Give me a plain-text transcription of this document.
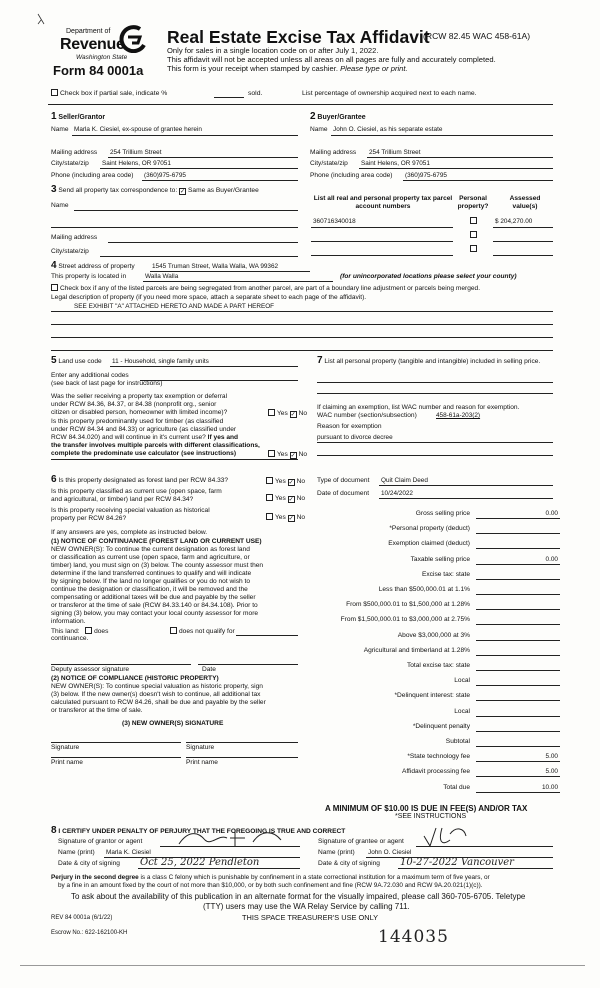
Department of
Revenue
Washington State
Form 84 0001a
Real Estate Excise Tax Affidavit
(RCW 82.45 WAC 458-61A)
Only for sales in a single location code on or after July 1, 2022.
This affidavit will not be accepted unless all areas on all pages are fully and accurately completed.
This form is your receipt when stamped by cashier. Please type or print.
Check box if partial sale, indicate %	sold.	List percentage of ownership acquired next to each name.
1 Seller/Grantor
Name Marla K. Ciesiel, ex-spouse of grantee herein
Mailing address 254 Trillium Street
City/state/zip Saint Helens, OR 97051
Phone (including area code) (360)975-6795
2 Buyer/Grantee
Name John O. Ciesiel, as his separate estate
Mailing address 254 Trillium Street
City/state/zip Saint Helens, OR 97051
Phone (including area code) (360)975-6795
3 Send all property tax correspondence to: ✓ Same as Buyer/Grantee
Name
Mailing address
City/state/zip
List all real and personal property tax parcel account numbers
Personal property?
Assessed value(s)
360716340018	$ 204,270.00
4 Street address of property	1545 Truman Street, Walla Walla, WA 99362
This property is located in	Walla Walla	(for unincorporated locations please select your county)
Check box if any of the listed parcels are being segregated from another parcel, are part of a boundary line adjustment or parcels being merged.
Legal description of property (if you need more space, attach a separate sheet to each page of the affidavit).
SEE EXHIBIT "A" ATTACHED HERETO AND MADE A PART HEREOF
5 Land use code 11 - Household, single family units
Enter any additional codes
(see back of last page for instructions)
Was the seller receiving a property tax exemption or deferral
under RCW 84.36, 84.37, or 84.38 (nonprofit org., senior
citizen or disabled person, homeowner with limited income)?	Yes ✓ No
Is this property predominantly used for timber (as classified
under RCW 84.34 and 84.33) or agriculture (as classified under
RCW 84.34.020) and will continue in it's current use? If yes and
the transfer involves multiple parcels with different classifications,
complete the predominate use calculator (see instructions)	Yes ✓ No
7 List all personal property (tangible and intangible) included in selling price.
If claiming an exemption, list WAC number and reason for exemption.
WAC number (section/subsection)	458-61a-203(2)
Reason for exemption
pursuant to divorce decree
6 Is this property designated as forest land per RCW 84.33?	Yes ✓ No
Is this property classified as current use (open space, farm
and agricultural, or timber) land per RCW 84.34?	Yes ✓ No
Is this property receiving special valuation as historical
property per RCW 84.26?	Yes ✓ No
If any answers are yes, complete as instructed below.
(1) NOTICE OF CONTINUANCE (FOREST LAND OR CURRENT USE)
NEW OWNER(S): To continue the current designation as forest land
or classification as current use (open space, farm and agriculture, or
timber) land, you must sign on (3) below. The county assessor must then
determine if the land transferred continues to qualify and will indicate
by signing below. If the land no longer qualifies or you do not wish to
continue the designation or classification, it will be removed and the
compensating or additional taxes will be due and payable by the seller
or transferor at the time of sale (RCW 84.33.140 or 84.34.108). Prior to
signing (3) below, you may contact your local county assessor for more
information.
This land: does	does not qualify for
continuance.
Deputy assessor signature	Date
(2) NOTICE OF COMPLIANCE (HISTORIC PROPERTY)
NEW OWNER(S): To continue special valuation as historic property, sign
(3) below. If the new owner(s) doesn't wish to continue, all additional tax
calculated pursuant to RCW 84.26, shall be due and payable by the seller
or transferor at the time of sale.
(3) NEW OWNER(S) SIGNATURE
Signature	Signature
Print name	Print name
Type of document Quit Claim Deed
Date of document 10/24/2022
Gross selling price	0.00
*Personal property (deduct)
Exemption claimed (deduct)
Taxable selling price	0.00
Excise tax: state
Less than $500,000.01 at 1.1%
From $500,000.01 to $1,500,000 at 1.28%
From $1,500,000.01 to $3,000,000 at 2.75%
Above $3,000,000 at 3%
Agricultural and timberland at 1.28%
Total excise tax: state
Local
*Delinquent interest: state
Local
*Delinquent penalty
Subtotal
*State technology fee	5.00
Affidavit processing fee	5.00
Total due	10.00
A MINIMUM OF $10.00 IS DUE IN FEE(S) AND/OR TAX
*SEE INSTRUCTIONS
8 I CERTIFY UNDER PENALTY OF PERJURY THAT THE FOREGOING IS TRUE AND CORRECT
Signature of grantor or agent
Name (print) Marla K. Ciesiel
Date & city of signing Oct 25, 2022 Pendleton
Signature of grantee or agent
Name (print) John O. Ciesiel
Date & city of signing 10-27-2022 Vancouver
Perjury in the second degree is a class C felony which is punishable by confinement in a state correctional institution for a maximum term of five years, or
by a fine in an amount fixed by the court of not more than $10,000, or by both such confinement and fine (RCW 9A.72.030 and RCW 9A.20.021(1)(c)).
To ask about the availability of this publication in an alternate format for the visually impaired, please call 360-705-6705. Teletype
(TTY) users may use the WA Relay Service by calling 711.
REV 84 0001a (6/1/22)	THIS SPACE TREASURER'S USE ONLY
Escrow No.: 622-162100-KH	144035
